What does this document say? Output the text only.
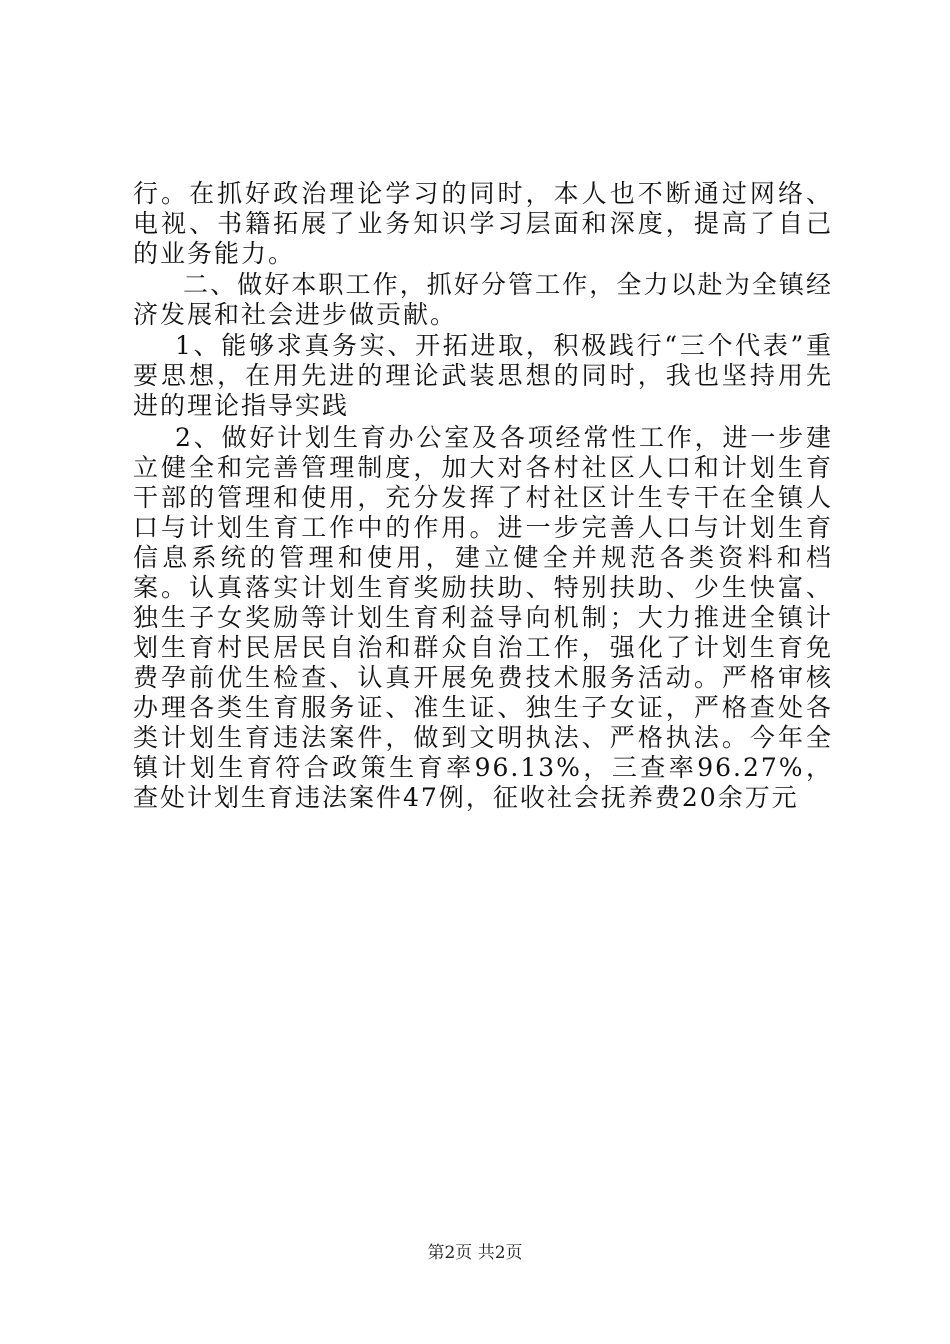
行。在抓好政治理论学习的同时，本人也不断通过网络、电视、书籍拓展了业务知识学习层面和深度，提高了自己的业务能力。

二、做好本职工作，抓好分管工作，全力以赴为全镇经济发展和社会进步做贡献。

1、能够求真务实、开拓进取，积极践行“三个代表”重要思想，在用先进的理论武装思想的同时，我也坚持用先进的理论指导实践

2、做好计划生育办公室及各项经常性工作，进一步建立健全和完善管理制度，加大对各村社区人口和计划生育干部的管理和使用，充分发挥了村社区计生专干在全镇人口与计划生育工作中的作用。进一步完善人口与计划生育信息系统的管理和使用，建立健全并规范各类资料和档案。认真落实计划生育奖励扶助、特别扶助、少生快富、独生子女奖励等计划生育利益导向机制；大力推进全镇计划生育村民居民自治和群众自治工作，强化了计划生育免费孕前优生检查、认真开展免费技术服务活动。严格审核办理各类生育服务证、准生证、独生子女证，严格查处各类计划生育违法案件，做到文明执法、严格执法。今年全镇计划生育符合政策生育率96.13%，三查率96.27%，查处计划生育违法案件47例，征收社会抚养费20余万元

第2页 共2页
